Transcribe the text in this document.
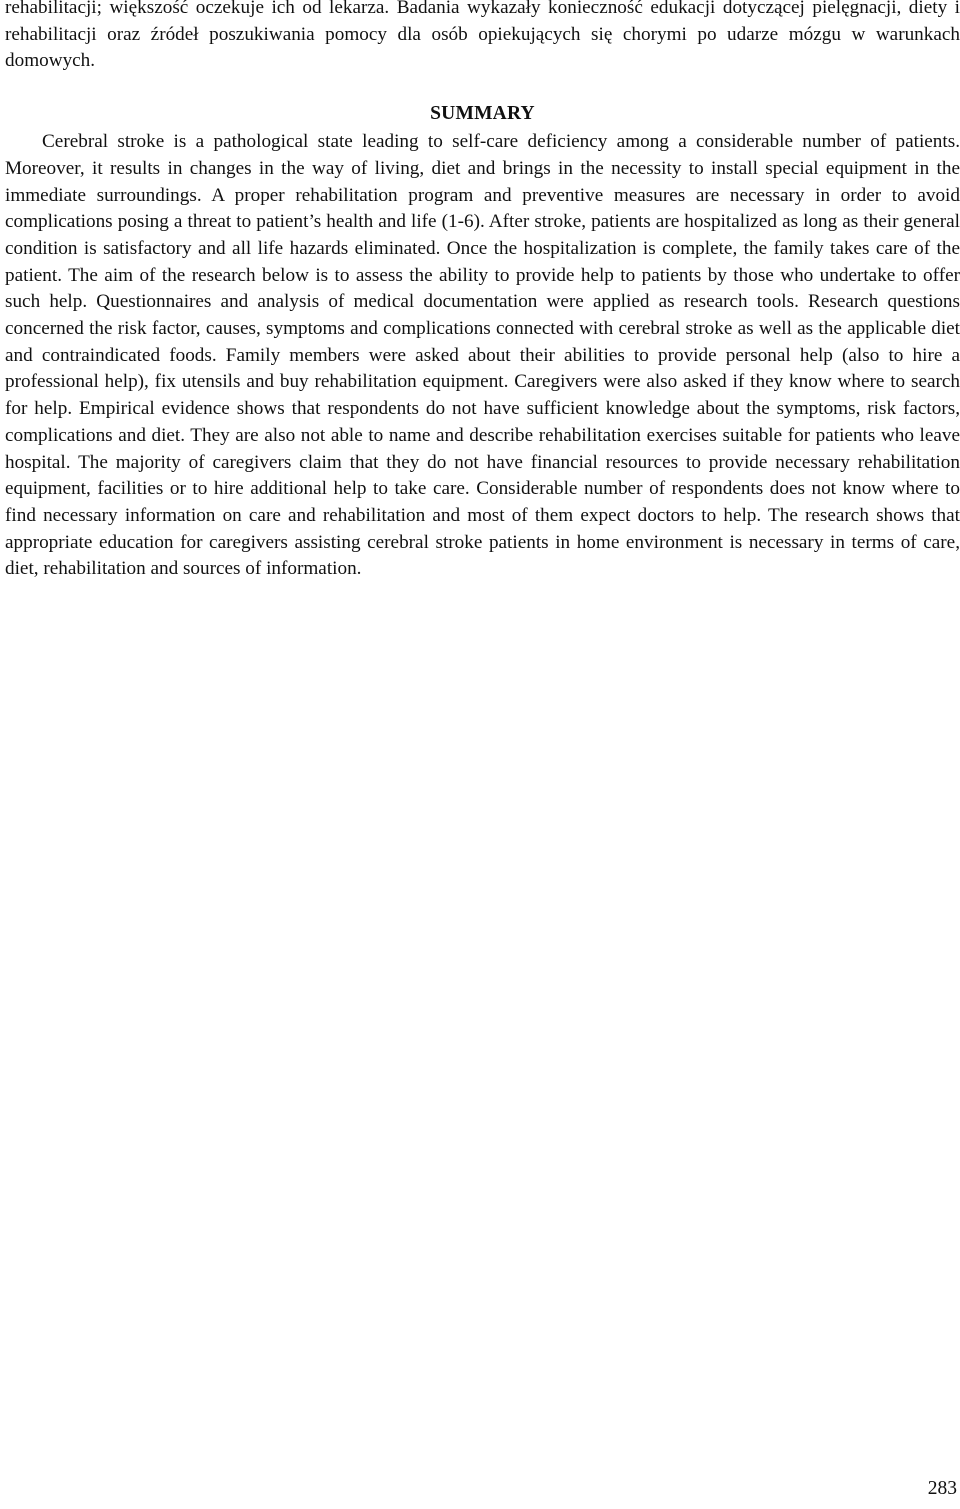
rehabilitacji; większość oczekuje ich od lekarza. Badania wykazały konieczność edukacji dotyczącej pielęgnacji, diety i rehabilitacji oraz źródeł poszukiwania pomocy dla osób opiekujących się chorymi po udarze mózgu w warunkach domowych.

SUMMARY

Cerebral stroke is a pathological state leading to self-care deficiency among a considerable number of patients. Moreover, it results in changes in the way of living, diet and brings in the necessity to install special equipment in the immediate surroundings. A proper rehabilitation program and preventive measures are necessary in order to avoid complications posing a threat to patient’s health and life (1-6). After stroke, patients are hospitalized as long as their general condition is satisfactory and all life hazards eliminated. Once the hospitalization is complete, the family takes care of the patient. The aim of the research below is to assess the ability to provide help to patients by those who undertake to offer such help. Questionnaires and analysis of medical documentation were applied as research tools. Research questions concerned the risk factor, causes, symptoms and complications connected with cerebral stroke as well as the applicable diet and contraindicated foods. Family members were asked about their abilities to provide personal help (also to hire a professional help), fix utensils and buy rehabilitation equipment. Caregivers were also asked if they know where to search for help. Empirical evidence shows that respondents do not have sufficient knowledge about the symptoms, risk factors, complications and diet. They are also not able to name and describe rehabilitation exercises suitable for patients who leave hospital. The majority of caregivers claim that they do not have financial resources to provide necessary rehabilitation equipment, facilities or to hire additional help to take care. Considerable number of respondents does not know where to find necessary information on care and rehabilitation and most of them expect doctors to help. The research shows that appropriate education for caregivers assisting cerebral stroke patients in home environment is necessary in terms of care, diet, rehabilitation and sources of information.

283
